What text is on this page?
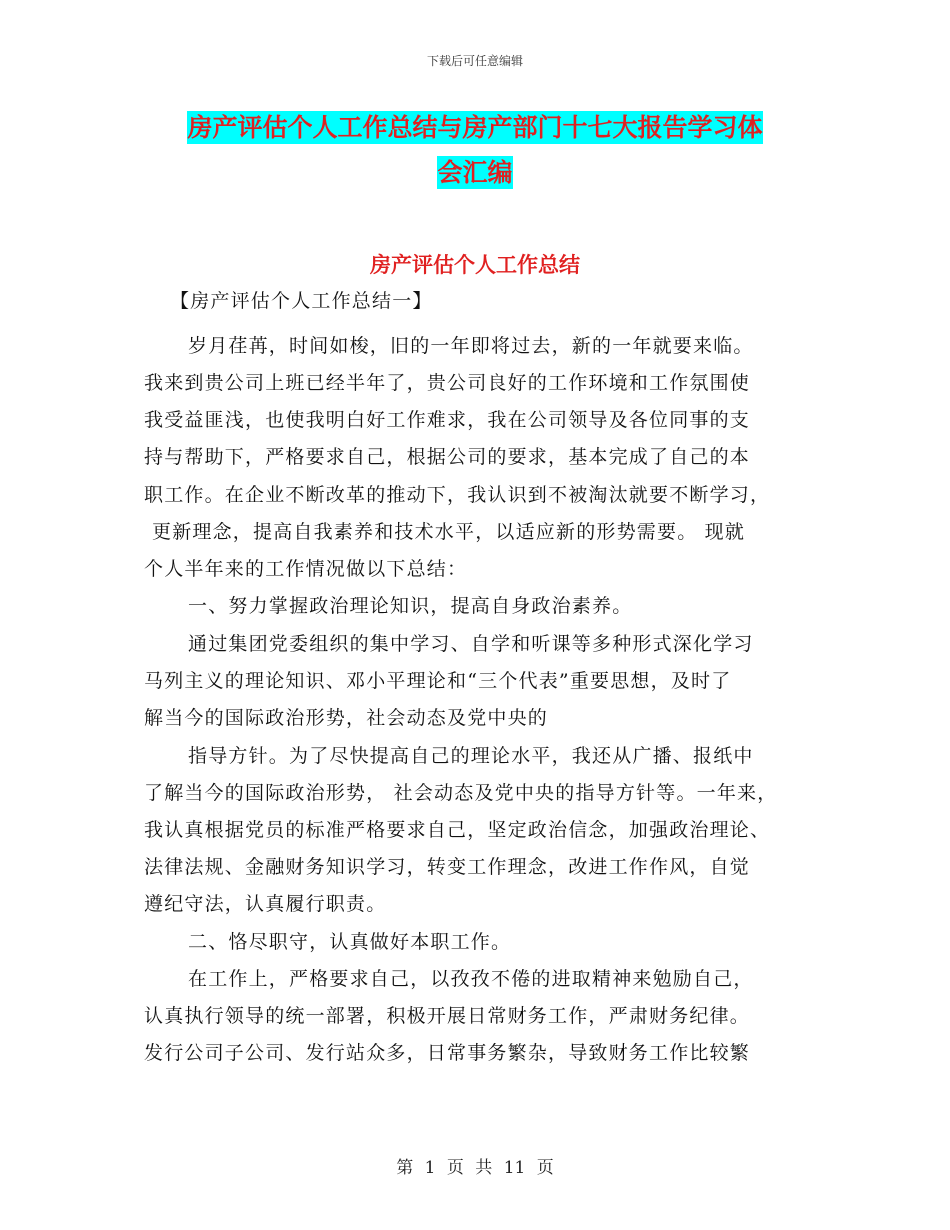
下载后可任意编辑
房产评估个人工作总结与房产部门十七大报告学习体
会汇编
房产评估个人工作总结
【房产评估个人工作总结一】
岁月荏苒，时间如梭，旧的一年即将过去，新的一年就要来临。
我来到贵公司上班已经半年了，贵公司良好的工作环境和工作氛围使
我受益匪浅，也使我明白好工作难求，我在公司领导及各位同事的支
持与帮助下，严格要求自己，根据公司的要求，基本完成了自己的本
职工作。在企业不断改革的推动下，我认识到不被淘汰就要不断学习，
更新理念，提高自我素养和技术水平，以适应新的形势需要。 现就
个人半年来的工作情况做以下总结：
一、努力掌握政治理论知识，提高自身政治素养。
通过集团党委组织的集中学习、自学和听课等多种形式深化学习
马列主义的理论知识、邓小平理论和“三个代表”重要思想，及时了
解当今的国际政治形势，社会动态及党中央的
指导方针。为了尽快提高自己的理论水平，我还从广播、报纸中
了解当今的国际政治形势， 社会动态及党中央的指导方针等。一年来，
我认真根据党员的标准严格要求自己，坚定政治信念，加强政治理论、
法律法规、金融财务知识学习，转变工作理念，改进工作作风，自觉
遵纪守法，认真履行职责。
二、恪尽职守，认真做好本职工作。
在工作上，严格要求自己，以孜孜不倦的进取精神来勉励自己，
认真执行领导的统一部署，积极开展日常财务工作，严肃财务纪律。
发行公司子公司、发行站众多，日常事务繁杂，导致财务工作比较繁
第 1 页 共 11 页
